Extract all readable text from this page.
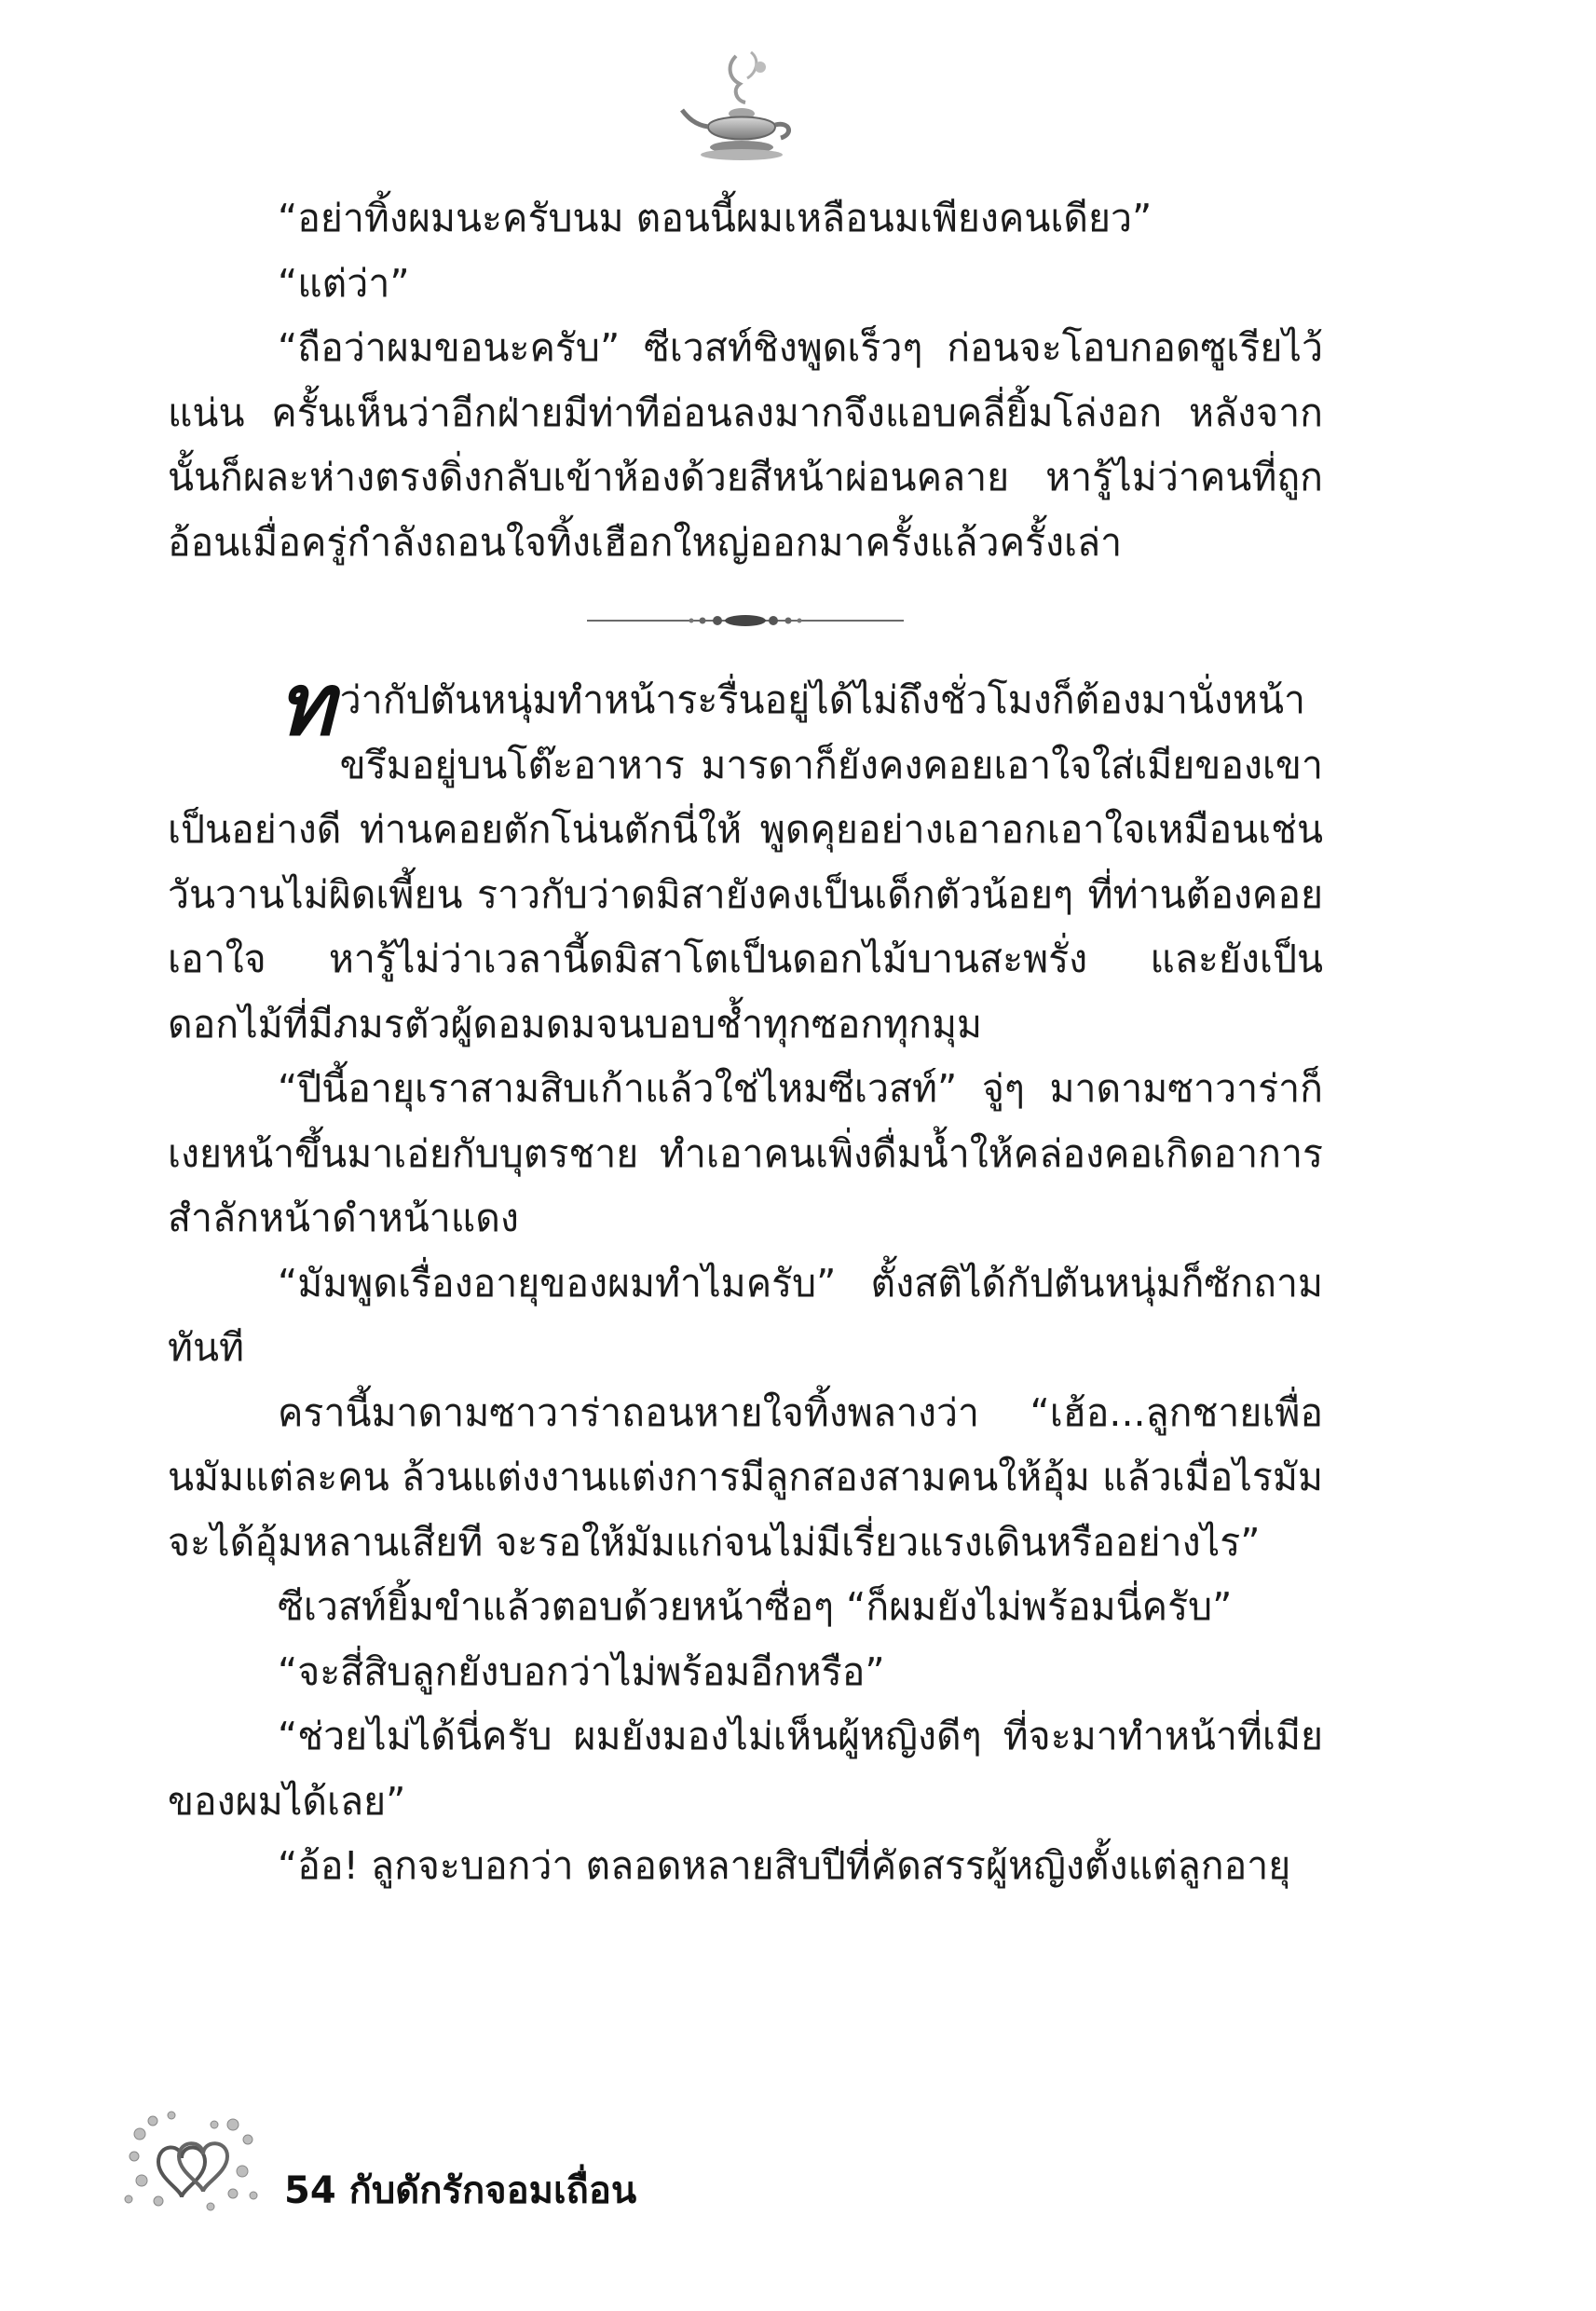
“อย่าทิ้งผมนะครับนม ตอนนี้ผมเหลือนมเพียงคนเดียว”

“แต่ว่า”

“ถือว่าผมขอนะครับ” ซีเวสท์ชิงพูดเร็วๆ ก่อนจะโอบกอดซูเรียไว้แน่น ครั้นเห็นว่าอีกฝ่ายมีท่าทีอ่อนลงมากจึงแอบคลี่ยิ้มโล่งอก หลังจากนั้นก็ผละห่างตรงดิ่งกลับเข้าห้องด้วยสีหน้าผ่อนคลาย หารู้ไม่ว่าคนที่ถูกอ้อนเมื่อครู่กำลังถอนใจทิ้งเฮือกใหญ่ออกมาครั้งแล้วครั้งเล่า

ทว่ากัปตันหนุ่มทำหน้าระรื่นอยู่ได้ไม่ถึงชั่วโมงก็ต้องมานั่งหน้าขรึมอยู่บนโต๊ะอาหาร มารดาก็ยังคงคอยเอาใจใส่เมียของเขาเป็นอย่างดี ท่านคอยตักโน่นตักนี่ให้ พูดคุยอย่างเอาอกเอาใจเหมือนเช่นวันวานไม่ผิดเพี้ยน ราวกับว่าดมิสายังคงเป็นเด็กตัวน้อยๆ ที่ท่านต้องคอยเอาใจ หารู้ไม่ว่าเวลานี้ดมิสาโตเป็นดอกไม้บานสะพรั่ง และยังเป็นดอกไม้ที่มีภมรตัวผู้ดอมดมจนบอบช้ำทุกซอกทุกมุม

“ปีนี้อายุเราสามสิบเก้าแล้วใช่ไหมซีเวสท์” จู่ๆ มาดามซาวาร่าก็เงยหน้าขึ้นมาเอ่ยกับบุตรชาย ทำเอาคนเพิ่งดื่มน้ำให้คล่องคอเกิดอาการสำลักหน้าดำหน้าแดง

“มัมพูดเรื่องอายุของผมทำไมครับ” ตั้งสติได้กัปตันหนุ่มก็ซักถามทันที

ครานี้มาดามซาวาร่าถอนหายใจทิ้งพลางว่า “เฮ้อ...ลูกชายเพื่อนมัมแต่ละคน ล้วนแต่งงานแต่งการมีลูกสองสามคนให้อุ้ม แล้วเมื่อไรมัมจะได้อุ้มหลานเสียที จะรอให้มัมแก่จนไม่มีเรี่ยวแรงเดินหรืออย่างไร”

ซีเวสท์ยิ้มขำแล้วตอบด้วยหน้าซื่อๆ “ก็ผมยังไม่พร้อมนี่ครับ”

“จะสี่สิบลูกยังบอกว่าไม่พร้อมอีกหรือ”

“ช่วยไม่ได้นี่ครับ ผมยังมองไม่เห็นผู้หญิงดีๆ ที่จะมาทำหน้าที่เมียของผมได้เลย”

“อ้อ! ลูกจะบอกว่า ตลอดหลายสิบปีที่คัดสรรผู้หญิงตั้งแต่ลูกอายุ

54 กับดักรักจอมเถื่อน
